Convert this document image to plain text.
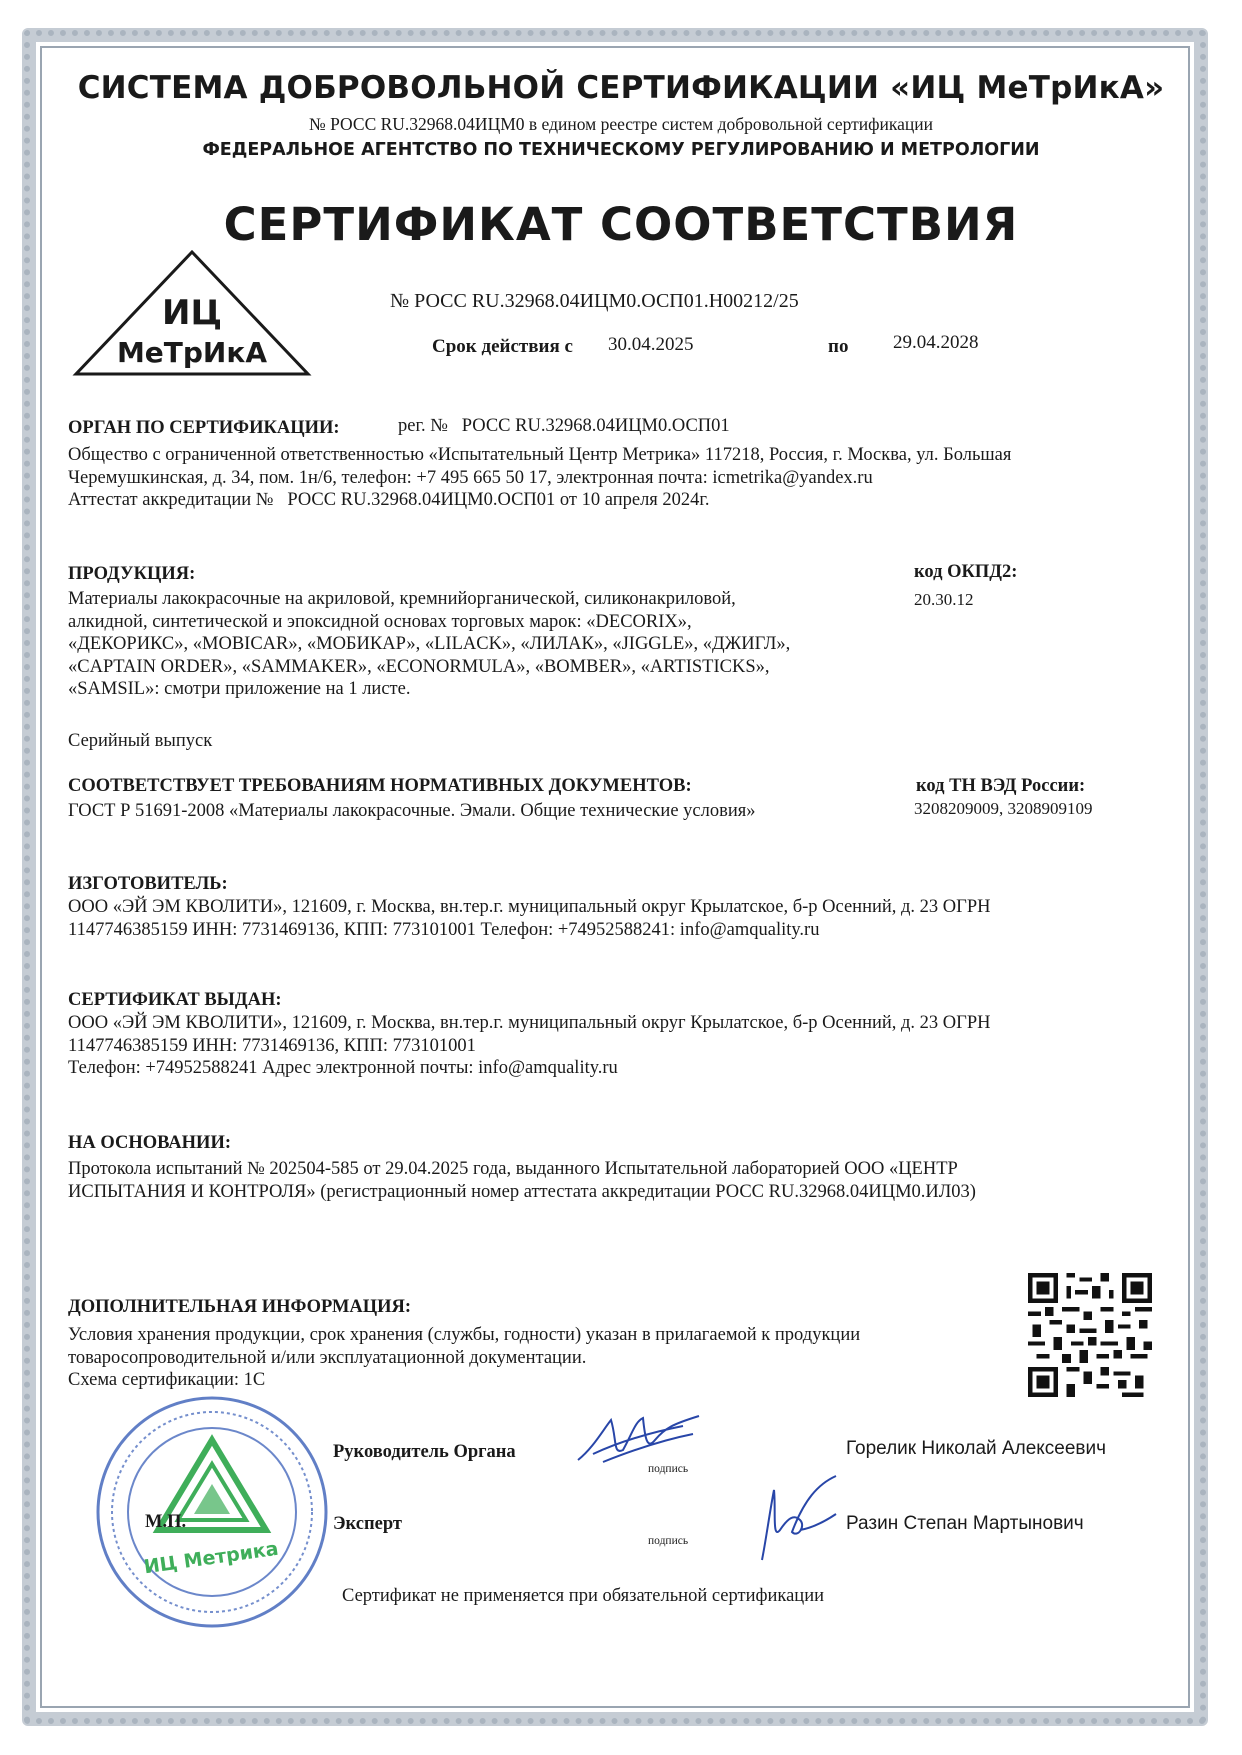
СИСТЕМА ДОБРОВОЛЬНОЙ СЕРТИФИКАЦИИ «ИЦ МеТрИкА»
№ РОСС RU.32968.04ИЦМ0 в едином реестре систем добровольной сертификации
ФЕДЕРАЛЬНОЕ АГЕНТСТВО ПО ТЕХНИЧЕСКОМУ РЕГУЛИРОВАНИЮ И МЕТРОЛОГИИ
СЕРТИФИКАТ СООТВЕТСТВИЯ
ИЦ
МеТрИкА
№ РОСС RU.32968.04ИЦМ0.ОСП01.Н00212/25
Срок действия с 30.04.2025	по 29.04.2028
ОРГАН ПО СЕРТИФИКАЦИИ:	рег. №   РОСС RU.32968.04ИЦМ0.ОСП01
Общество с ограниченной ответственностью «Испытательный Центр Метрика» 117218, Россия, г. Москва, ул. Большая
Черемушкинская, д. 34, пом. 1н/6, телефон: +7 495 665 50 17, электронная почта: icmetrika@yandex.ru
Аттестат аккредитации №   РОСС RU.32968.04ИЦМ0.ОСП01 от 10 апреля 2024г.
ПРОДУКЦИЯ:
Материалы лакокрасочные на акриловой, кремнийорганической, силиконакриловой,
алкидной, синтетической и эпоксидной основах торговых марок: «DECORIX»,
«ДЕКОРИКС», «MOBICAR», «МОБИКАР», «LILACK», «ЛИЛАК», «JIGGLE», «ДЖИГЛ»,
«CAPTAIN ORDER», «SAMMAKER», «ECONORMULA», «BOMBER», «ARTISTICKS»,
«SAMSIL»: смотри приложение на 1 листе.
код ОКПД2:
20.30.12
Серийный выпуск
СООТВЕТСТВУЕТ ТРЕБОВАНИЯМ НОРМАТИВНЫХ ДОКУМЕНТОВ:
ГОСТ Р 51691-2008 «Материалы лакокрасочные. Эмали. Общие технические условия»
код ТН ВЭД России:
3208209009, 3208909109
ИЗГОТОВИТЕЛЬ:
ООО «ЭЙ ЭМ КВОЛИТИ», 121609, г. Москва, вн.тер.г. муниципальный округ Крылатское, б-р Осенний, д. 23 ОГРН
1147746385159 ИНН: 7731469136, КПП: 773101001 Телефон: +74952588241: info@amquality.ru
СЕРТИФИКАТ ВЫДАН:
ООО «ЭЙ ЭМ КВОЛИТИ», 121609, г. Москва, вн.тер.г. муниципальный округ Крылатское, б-р Осенний, д. 23 ОГРН
1147746385159 ИНН: 7731469136, КПП: 773101001
Телефон: +74952588241 Адрес электронной почты: info@amquality.ru
НА ОСНОВАНИИ:
Протокола испытаний № 202504-585 от 29.04.2025 года, выданного Испытательной лабораторией ООО «ЦЕНТР
ИСПЫТАНИЯ И КОНТРОЛЯ» (регистрационный номер аттестата аккредитации РОСС RU.32968.04ИЦМ0.ИЛ03)
ДОПОЛНИТЕЛЬНАЯ ИНФОРМАЦИЯ:
Условия хранения продукции, срок хранения (службы, годности) указан в прилагаемой к продукции
товаросопроводительной и/или эксплуатационной документации.
Схема сертификации: 1С
ИЦ Метрика
М.П.
Руководитель Органа
подпись
Горелик Николай Алексеевич
Эксперт
подпись
Разин Степан Мартынович
Сертификат не применяется при обязательной сертификации
